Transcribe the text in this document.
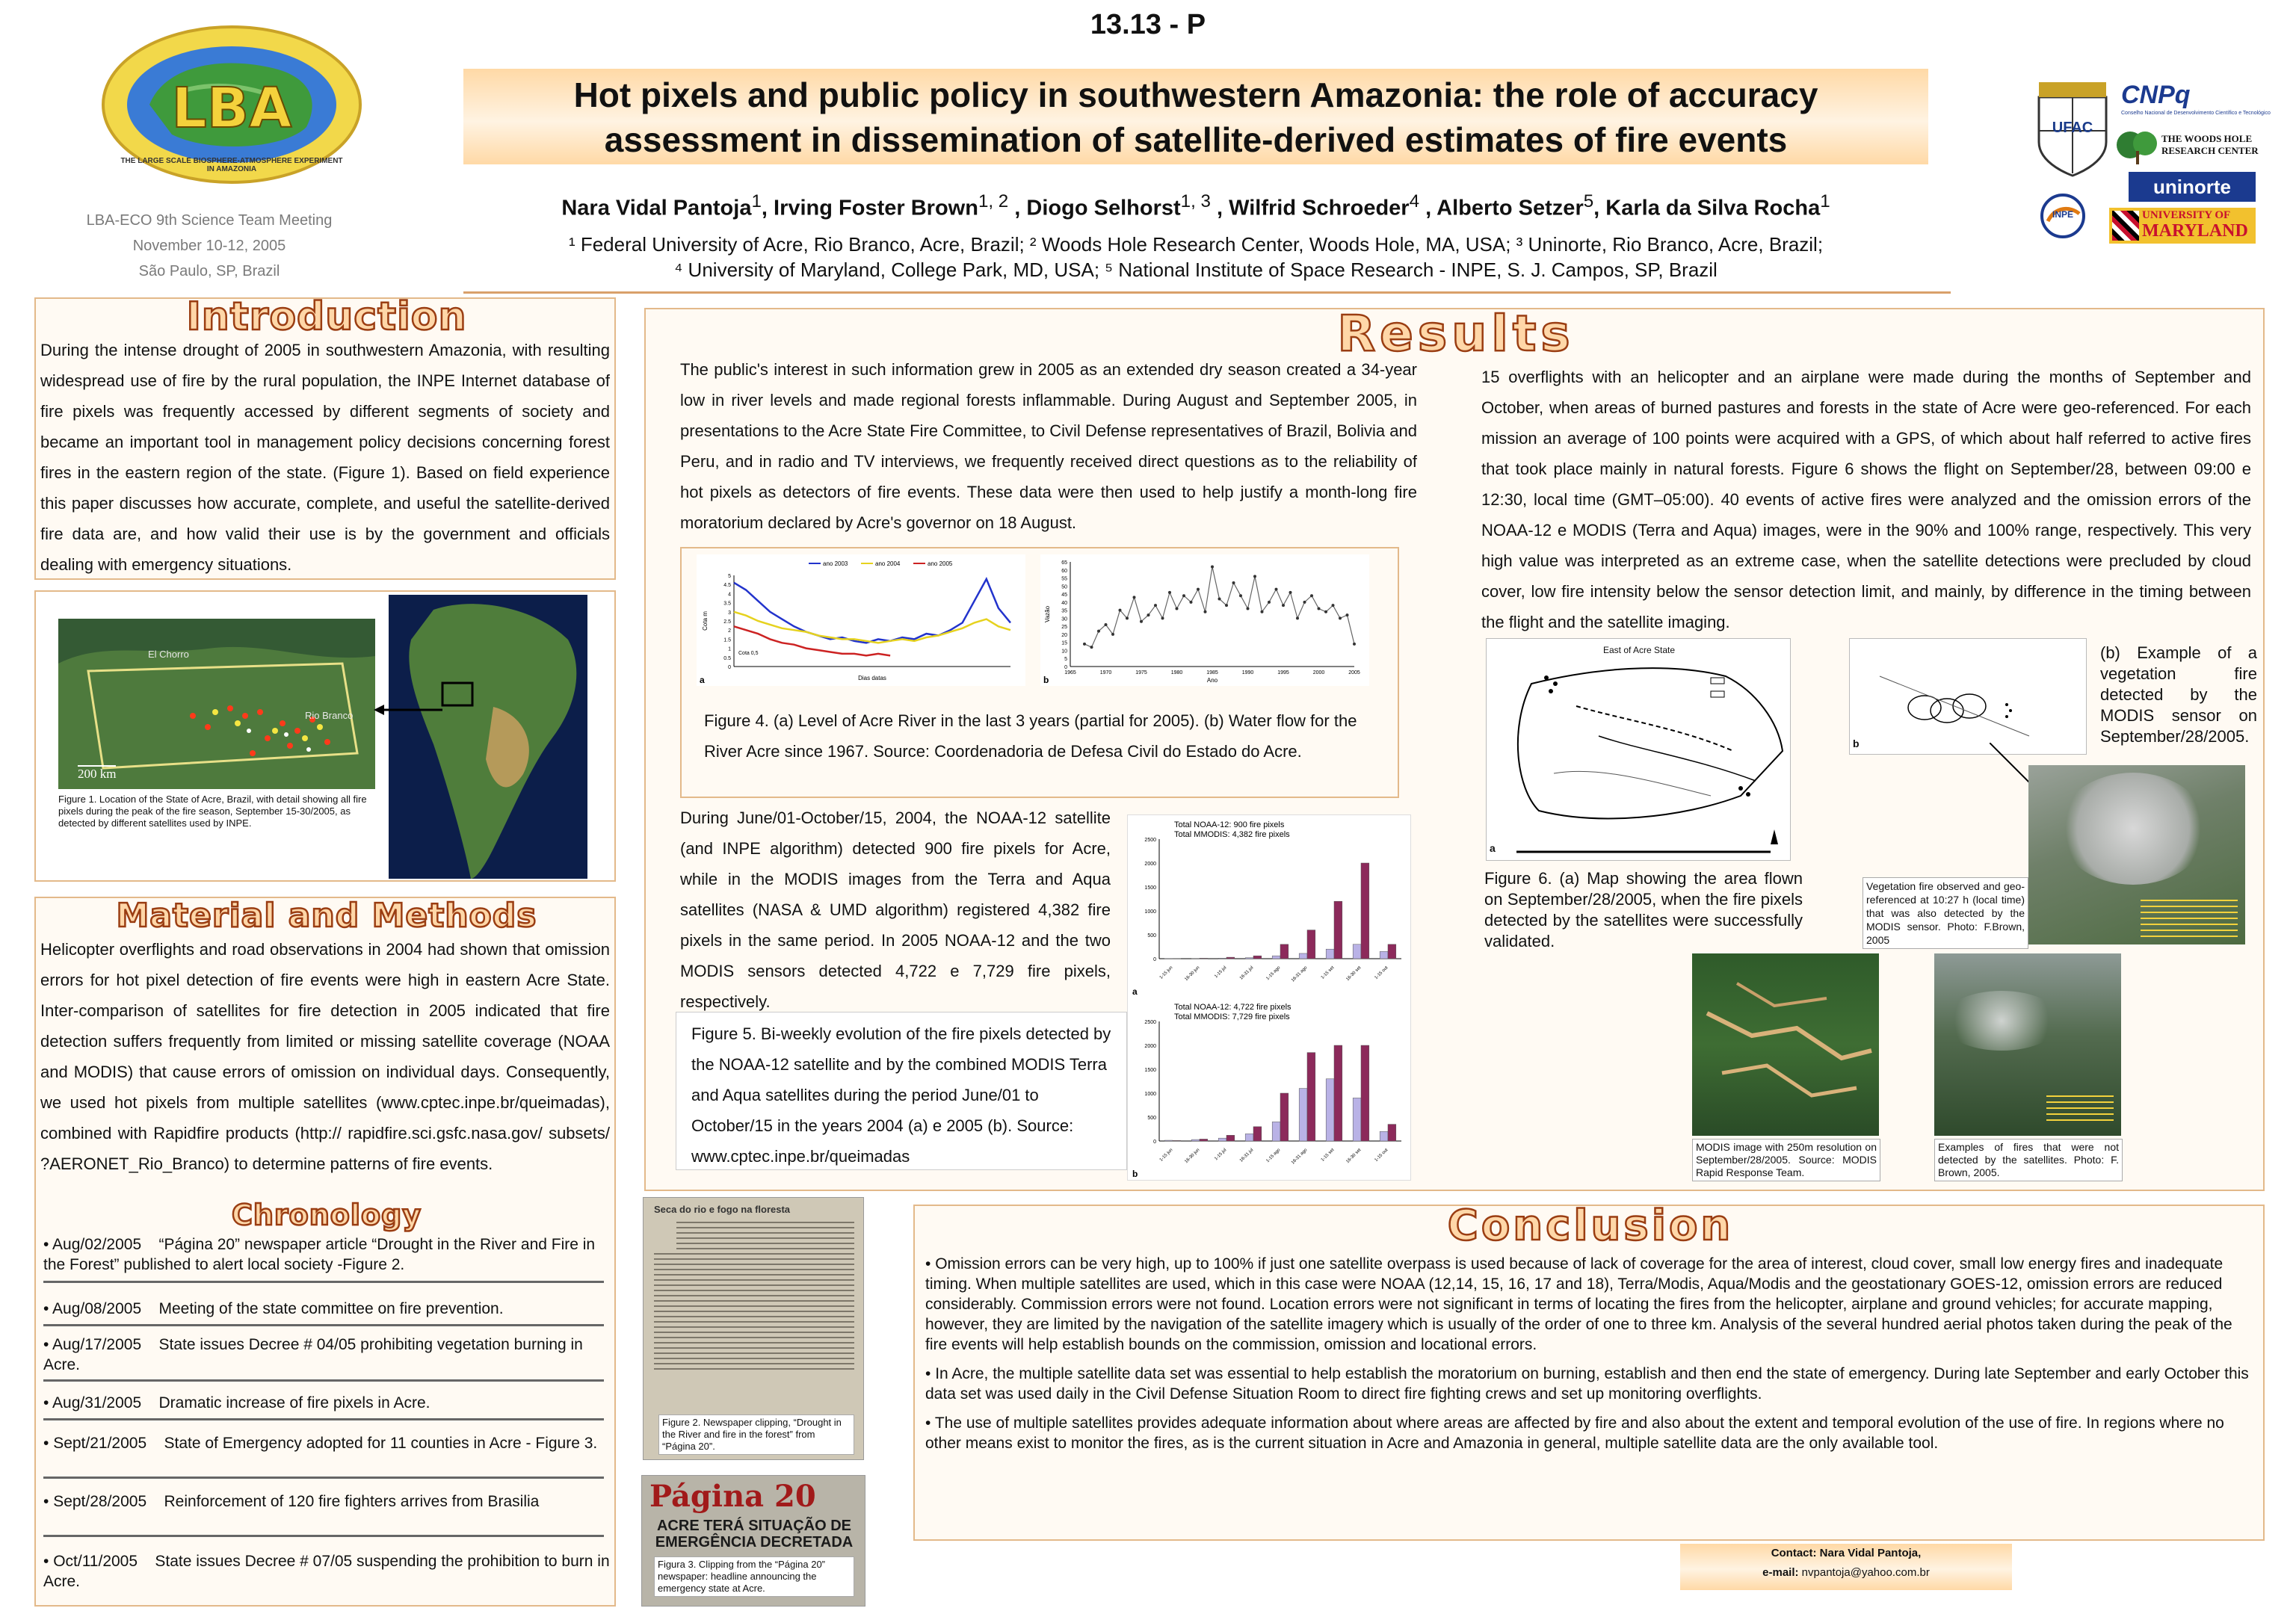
13.13 - P
Hot pixels and public policy in southwestern Amazonia: the role of accuracy
assessment in dissemination of satellite-derived estimates of fire events
Nara Vidal Pantoja$^1$, Irving Foster Brown$^{1, 2}$ , Diogo Selhorst$^{1, 3}$ , Wilfrid Schroeder$^4$ , Alberto Setzer$^5$, Karla da Silva Rocha$^1$
¹ Federal University of Acre, Rio Branco, Acre, Brazil; ² Woods Hole Research Center, Woods Hole, MA, USA; ³ Uninorte, Rio Branco, Acre, Brazil;
⁴ University of Maryland, College Park, MD, USA; ⁵ National Institute of Space Research - INPE, S. J. Campos, SP, Brazil
LBA
THE LARGE SCALE BIOSPHERE-ATMOSPHERE EXPERIMENT IN AMAZONIA
LBA-ECO 9th Science Team Meeting
November 10-12, 2005
São Paulo, SP, Brazil
UFAC
CNPq
Conselho Nacional de Desenvolvimento Científico e Tecnológico
THE WOODS HOLE RESEARCH CENTER
INPE
uninorte
UNIVERSITY OF
MARYLAND
Introduction
During the intense drought of 2005 in southwestern Amazonia, with resulting widespread use of fire by the rural population, the INPE Internet database of fire pixels was frequently accessed by different segments of society and became an important tool in management policy decisions concerning forest fires in the eastern region of the state. (Figure 1). Based on field experience this paper discusses how accurate, complete, and useful the satellite-derived fire data are, and how valid their use is by the government and officials dealing with emergency situations.
El Chorro
Rio Branco
200 km
Figure 1. Location of the State of Acre, Brazil, with detail showing all fire pixels during the peak of the fire season, September 15-30/2005, as detected by different satellites used by INPE.
Material and Methods
Helicopter overflights and road observations in 2004 had shown that omission errors for hot pixel detection of fire events were high in eastern Acre State. Inter-comparison of satellites for fire detection in 2005 indicated that fire detection suffers frequently from limited or missing satellite coverage (NOAA and MODIS) that cause errors of omission on individual days. Consequently, we used hot pixels from multiple satellites (www.cptec.inpe.br/queimadas), combined with Rapidfire products (http:// rapidfire.sci.gsfc.nasa.gov/ subsets/ ?AERONET_Rio_Branco) to determine patterns of fire events.
Chronology
• Aug/02/2005 “Página 20” newspaper article “Drought in the River and Fire in the Forest” published to alert local society -Figure 2.
• Aug/08/2005 Meeting of the state committee on fire prevention.
• Aug/17/2005 State issues Decree # 04/05 prohibiting vegetation burning in Acre.
• Aug/31/2005 Dramatic increase of fire pixels in Acre.
• Sept/21/2005 State of Emergency adopted for 11 counties in Acre - Figure 3.
• Sept/28/2005 Reinforcement of 120 fire fighters arrives from Brasilia
• Oct/11/2005 State issues Decree # 07/05 suspending the prohibition to burn in Acre.
Seca do rio e fogo na floresta
Figure 2. Newspaper clipping, “Drought in the River and fire in the forest” from “Página 20”.
Página 20
ACRE TERÁ SITUAÇÃO DE EMERGÊNCIA DECRETADA
Figura 3. Clipping from the “Página 20” newspaper: headline announcing the emergency state at Acre.
Results
The public's interest in such information grew in 2005 as an extended dry season created a 34-year low in river levels and made regional forests inflammable. During August and September 2005, in presentations to the Acre State Fire Committee, to Civil Defense representatives of Brazil, Bolivia and Peru, and in radio and TV interviews, we frequently received direct questions as to the reliability of hot pixels as detectors of fire events. These data were then used to help justify a month-long fire moratorium declared by Acre's governor on 18 August.
0
0.5
1
1.5
2
2.5
3
3.5
4
4.5
5
ano 2003	ano 2004	ano 2005
Dias datas
Cota m
Cota 0,5
a
0
5
10
15
20
25
30
35
40
45
50
55
60
65
1965	1970	1975	1980	1985	1990	1995	2000	2005
Ano
Vazão
b
Figure 4. (a) Level of Acre River in the last 3 years (partial for 2005). (b) Water flow for the River Acre since 1967. Source: Coordenadoria de Defesa Civil do Estado do Acre.
During June/01-October/15, 2004, the NOAA-12 satellite (and INPE algorithm) detected 900 fire pixels for Acre, while in the MODIS images from the Terra and Aqua satellites (NASA & UMD algorithm) registered 4,382 fire pixels in the same period. In 2005 NOAA-12 and the two MODIS sensors detected 4,722 e 7,729 fire pixels, respectively.
0
500
1000
1500
2000
2500
1-15 jun 16-30 jun	1-15 jul	16-31 jul	1-15 ago 16-31 ago	1-15 set 16-30 set	1-15 out
Total NOAA-12: 900 fire pixels
Total MMODIS: 4,382 fire pixels
a
0
500
1000
1500
2000
2500
1-15 jun 16-30 jun	1-15 jul	16-31 jul	1-15 ago 16-31 ago	1-15 set 16-30 set	1-15 out
Total NOAA-12: 4,722 fire pixels
Total MMODIS: 7,729 fire pixels
b
Figure 5. Bi-weekly evolution of the fire pixels detected by the NOAA-12 satellite and by the combined MODIS Terra and Aqua satellites during the period June/01 to October/15 in the years 2004 (a) e 2005 (b). Source: www.cptec.inpe.br/queimadas
15 overflights with an helicopter and an airplane were made during the months of September and October, when areas of burned pastures and forests in the state of Acre were geo-referenced. For each mission an average of 100 points were acquired with a GPS, of which about half referred to active fires that took place mainly in natural forests. Figure 6 shows the flight on September/28, between 09:00 e 12:30, local time (GMT–05:00). 40 events of active fires were analyzed and the omission errors of the NOAA-12 e MODIS (Terra and Aqua) images, were in the 90% and 100% range, respectively. This very high value was interpreted as an extreme case, when the satellite detections were precluded by cloud cover, low fire intensity below the sensor detection limit, and mainly, by difference in the timing between the flight and the satellite imaging.
East of Acre State
a
Figure 6. (a) Map showing the area flown on September/28/2005, when the fire pixels detected by the satellites were successfully validated.
b
(b) Example of a vegetation fire detected by the MODIS sensor on September/28/2005.
Vegetation fire observed and geo-referenced at 10:27 h (local time) that was also detected by the MODIS sensor. Photo: F.Brown, 2005
MODIS image with 250m resolution on September/28/2005. Source: MODIS Rapid Response Team.
Examples of fires that were not detected by the satellites. Photo: F. Brown, 2005.
Conclusion
• Omission errors can be very high, up to 100% if just one satellite overpass is used because of lack of coverage for the area of interest, cloud cover, small low energy fires and inadequate timing. When multiple satellites are used, which in this case were NOAA (12,14, 15, 16, 17 and 18), Terra/Modis, Aqua/Modis and the geostationary GOES-12, omission errors are reduced considerably. Commission errors were not found. Location errors were not significant in terms of locating the fires from the helicopter, airplane and ground vehicles; for accurate mapping, however, they are limited by the navigation of the satellite imagery which is usually of the order of one to three km. Analysis of the several hundred aerial photos taken during the peak of the fire events will help establish bounds on the commission, omission and locational errors.
• In Acre, the multiple satellite data set was essential to help establish the moratorium on burning, establish and then end the state of emergency. During late September and early October this data set was used daily in the Civil Defense Situation Room to direct fire fighting crews and set up monitoring overflights.
• The use of multiple satellites provides adequate information about where areas are affected by fire and also about the extent and temporal evolution of the use of fire. In regions where no other means exist to monitor the fires, as is the current situation in Acre and Amazonia in general, multiple satellite data are the only available tool.
Contact: Nara Vidal Pantoja,
e-mail: nvpantoja@yahoo.com.br
